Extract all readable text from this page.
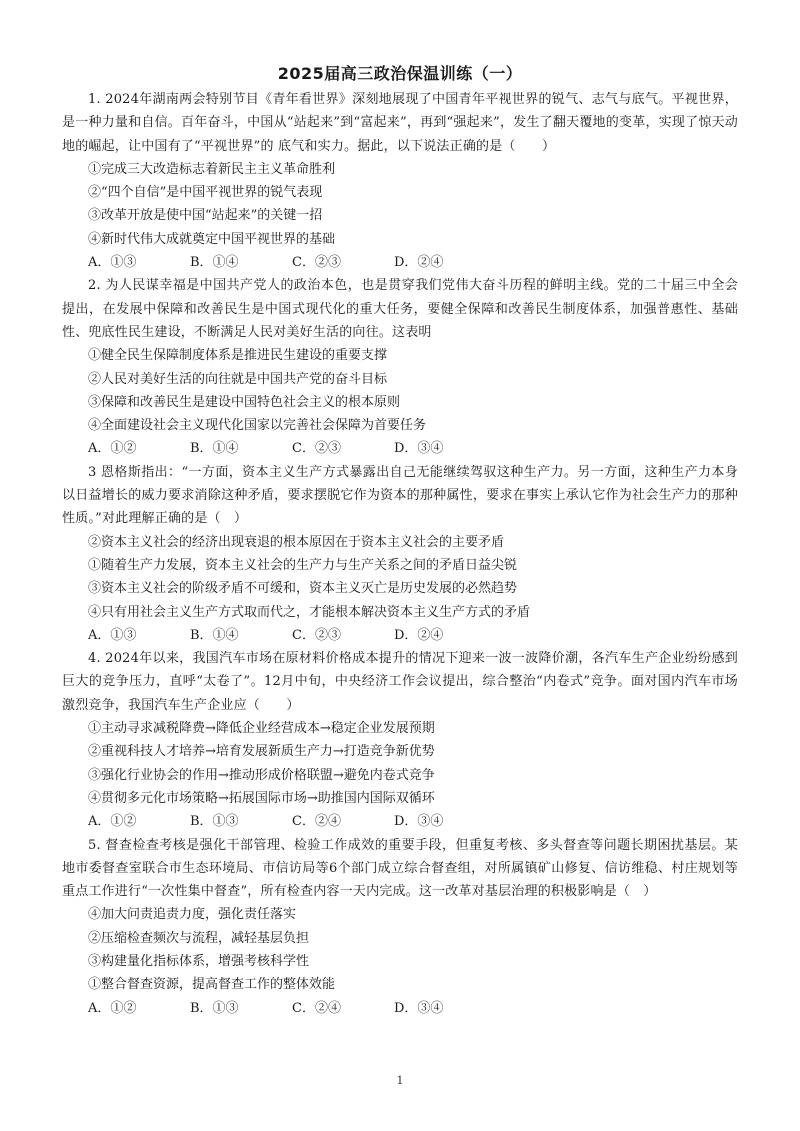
2025届高三政治保温训练（一）
1. 2024年湖南两会特别节目《青年看世界》深刻地展现了中国青年平视世界的锐气、志气与底气。平视世界，是一种力量和自信。百年奋斗，中国从“站起来”到“富起来”，再到“强起来”，发生了翻天覆地的变革，实现了惊天动地的崛起，让中国有了“平视世界”的 底气和实力。据此，以下说法正确的是（　　）
①完成三大改造标志着新民主主义革命胜利
②“四个自信”是中国平视世界的锐气表现
③改革开放是使中国“站起来”的关键一招
④新时代伟大成就奠定中国平视世界的基础
A．①③	B．①④	C．②③	D．②④
2. 为人民谋幸福是中国共产党人的政治本色，也是贯穿我们党伟大奋斗历程的鲜明主线。党的二十届三中全会提出，在发展中保障和改善民生是中国式现代化的重大任务，要健全保障和改善民生制度体系，加强普惠性、基础性、兜底性民生建设，不断满足人民对美好生活的向往。这表明
①健全民生保障制度体系是推进民生建设的重要支撑
②人民对美好生活的向往就是中国共产党的奋斗目标
③保障和改善民生是建设中国特色社会主义的根本原则
④全面建设社会主义现代化国家以完善社会保障为首要任务
A．①②	B．①④	C．②③	D．③④
3 恩格斯指出：“一方面，资本主义生产方式暴露出自己无能继续驾驭这种生产力。另一方面，这种生产力本身以日益增长的威力要求消除这种矛盾，要求摆脱它作为资本的那种属性，要求在事实上承认它作为社会生产力的那种性质。”对此理解正确的是（　）
②资本主义社会的经济出现衰退的根本原因在于资本主义社会的主要矛盾
①随着生产力发展，资本主义社会的生产力与生产关系之间的矛盾日益尖锐
③资本主义社会的阶级矛盾不可缓和，资本主义灭亡是历史发展的必然趋势
④只有用社会主义生产方式取而代之，才能根本解决资本主义生产方式的矛盾
A．①③	B．①④	C．②③	D．②④
4. 2024年以来，我国汽车市场在原材料价格成本提升的情况下迎来一波一波降价潮，各汽车生产企业纷纷感到巨大的竞争压力，直呼“太卷了”。12月中旬，中央经济工作会议提出，综合整治“内卷式”竞争。面对国内汽车市场激烈竞争，我国汽车生产企业应（　　）
①主动寻求减税降费→降低企业经营成本→稳定企业发展预期
②重视科技人才培养→培育发展新质生产力→打造竞争新优势
③强化行业协会的作用→推动形成价格联盟→避免内卷式竞争
④贯彻多元化市场策略→拓展国际市场→助推国内国际双循环
A．①②	B．①③	C．②④	D．③④
5. 督查检查考核是强化干部管理、检验工作成效的重要手段，但重复考核、多头督查等问题长期困扰基层。某地市委督查室联合市生态环境局、市信访局等6个部门成立综合督查组，对所属镇矿山修复、信访维稳、村庄规划等重点工作进行“一次性集中督查”，所有检查内容一天内完成。这一改革对基层治理的积极影响是（　）
④加大问责追责力度，强化责任落实
②压缩检查频次与流程，减轻基层负担
③构建量化指标体系，增强考核科学性
①整合督查资源，提高督查工作的整体效能
A．①②	B．①③	C．②④	D．③④
1
